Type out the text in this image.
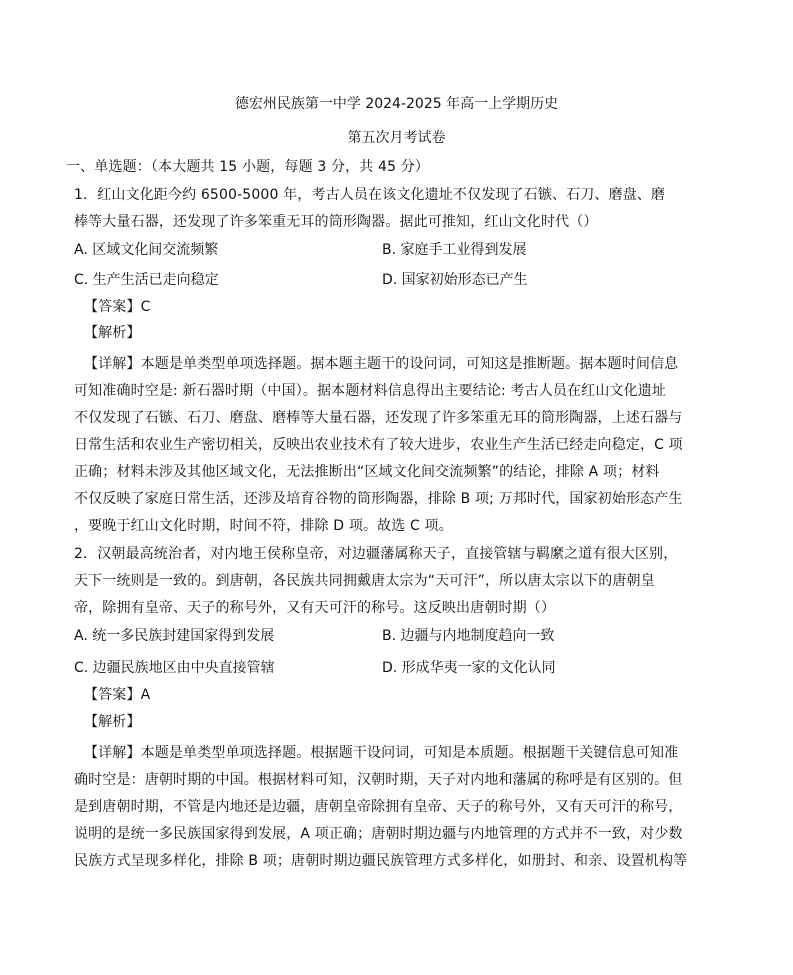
德宏州民族第一中学 2024-2025 年高一上学期历史
第五次月考试卷
一、单选题：（本大题共 15 小题，每题 3 分，共 45 分）
1．红山文化距今约 6500-5000 年，考古人员在该文化遗址不仅发现了石镞、石刀、磨盘、磨
棒等大量石器，还发现了许多笨重无耳的筒形陶器。据此可推知，红山文化时代（）
A. 区域文化间交流频繁	B. 家庭手工业得到发展
C. 生产生活已走向稳定	D. 国家初始形态已产生
【答案】C
【解析】
【详解】本题是单类型单项选择题。据本题主题干的设问词，可知这是推断题。据本题时间信息
可知准确时空是: 新石器时期（中国）。据本题材料信息得出主要结论: 考古人员在红山文化遗址
不仅发现了石镞、石刀、磨盘、磨棒等大量石器，还发现了许多笨重无耳的筒形陶器，上述石器与
日常生活和农业生产密切相关，反映出农业技术有了较大进步，农业生产生活已经走向稳定，C 项
正确；材料未涉及其他区域文化，无法推断出“区域文化间交流频繁”的结论，排除 A 项；材料
不仅反映了家庭日常生活，还涉及培育谷物的筒形陶器，排除 B 项; 万邦时代，国家初始形态产生
，要晚于红山文化时期，时间不符，排除 D 项。故选 C 项。
2．汉朝最高统治者，对内地王侯称皇帝，对边疆藩属称天子，直接管辖与羁縻之道有很大区别，
天下一统则是一致的。到唐朝，各民族共同拥戴唐太宗为“天可汗”，所以唐太宗以下的唐朝皇
帝，除拥有皇帝、天子的称号外，又有天可汗的称号。这反映出唐朝时期（）
A. 统一多民族封建国家得到发展	B. 边疆与内地制度趋向一致
C. 边疆民族地区由中央直接管辖	D. 形成华夷一家的文化认同
【答案】A
【解析】
【详解】本题是单类型单项选择题。根据题干设问词，可知是本质题。根据题干关键信息可知准
确时空是：唐朝时期的中国。根据材料可知，汉朝时期，天子对内地和藩属的称呼是有区别的。但
是到唐朝时期，不管是内地还是边疆，唐朝皇帝除拥有皇帝、天子的称号外，又有天可汗的称号，
说明的是统一多民族国家得到发展，A 项正确；唐朝时期边疆与内地管理的方式并不一致，对少数
民族方式呈现多样化，排除 B 项；唐朝时期边疆民族管理方式多样化，如册封、和亲、设置机构等
